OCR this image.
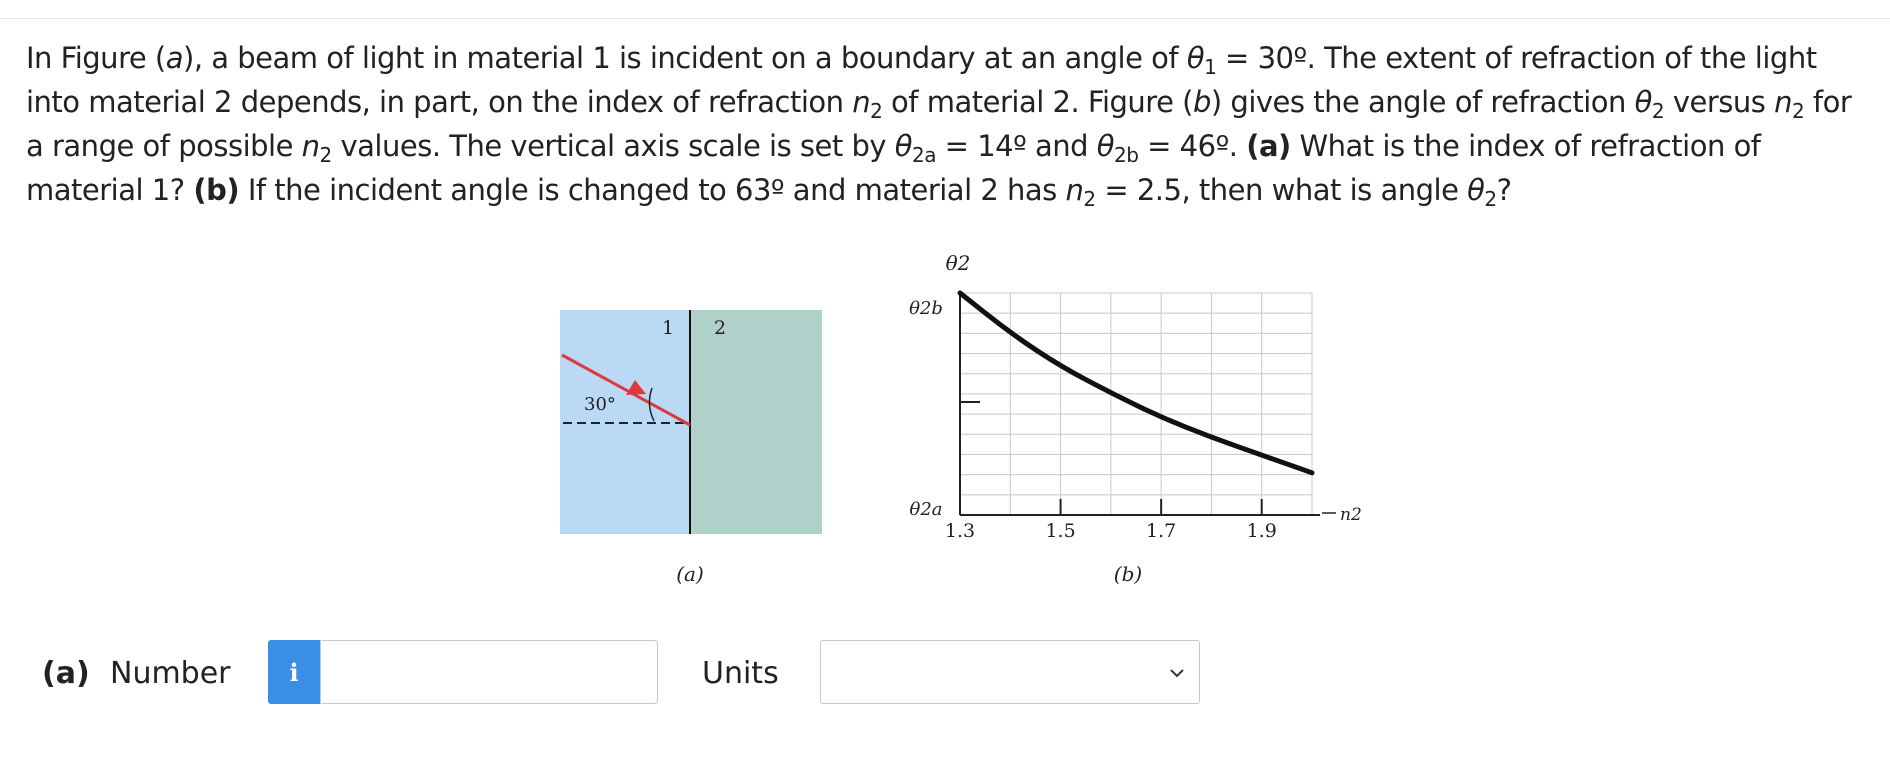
In Figure (a), a beam of light in material 1 is incident on a boundary at an angle of $\theta_1$ = 30º. The extent of refraction of the light into material 2 depends, in part, on the index of refraction $n_2$ of material 2. Figure (b) gives the angle of refraction $\theta_2$ versus $n_2$ for a range of possible $n_2$ values. The vertical axis scale is set by $\theta_{2a}$ = 14º and $\theta_{2b}$ = 46º. (a) What is the index of refraction of material 1? (b) If the incident angle is changed to 63º and material 2 has $n_2 = 2.5$, then what is angle $\theta_2$?
1 2
30°
(a)
1.3	1.5	1.7	1.9
θ2
θ2b
θ2a	n2
(b)
(a) Number	i	Units
